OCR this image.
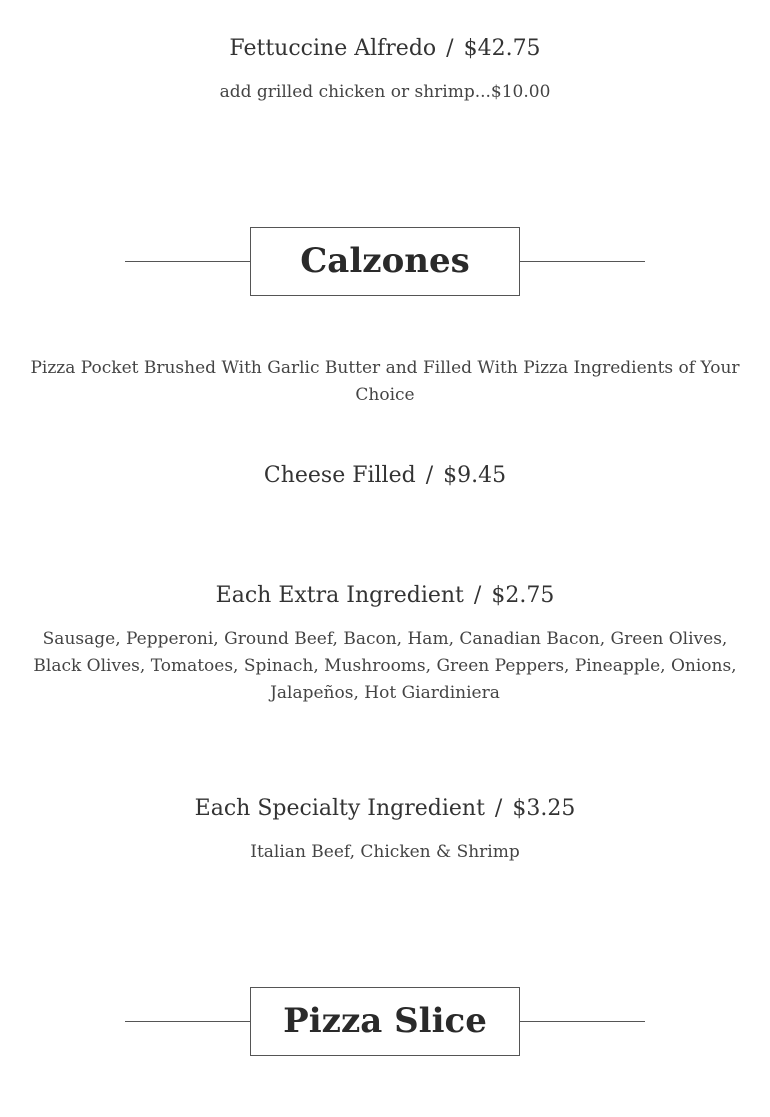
Fettuccine Alfredo / $42.75
add grilled chicken or shrimp...$10.00
Calzones
Pizza Pocket Brushed With Garlic Butter and Filled With Pizza Ingredients of Your Choice
Cheese Filled / $9.45
Each Extra Ingredient / $2.75
Sausage, Pepperoni, Ground Beef, Bacon, Ham, Canadian Bacon, Green Olives, Black Olives, Tomatoes, Spinach, Mushrooms, Green Peppers, Pineapple, Onions, Jalapeños, Hot Giardiniera
Each Specialty Ingredient / $3.25
Italian Beef, Chicken & Shrimp
Pizza Slice
